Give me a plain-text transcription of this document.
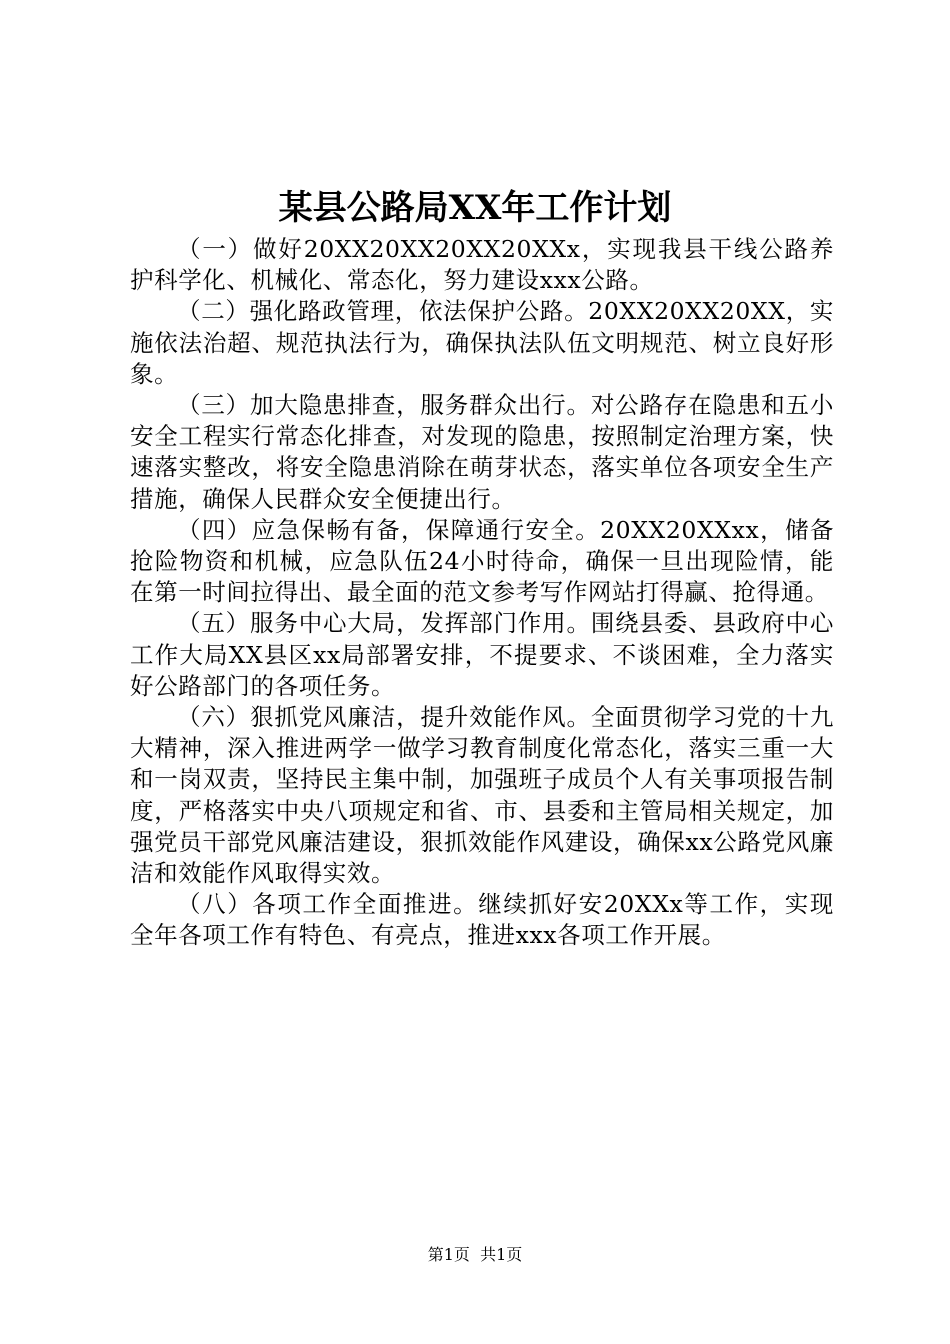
某县公路局XX年工作计划

（一）做好20XX20XX20XX20XXx，实现我县干线公路养护科学化、机械化、常态化，努力建设xxx公路。

（二）强化路政管理，依法保护公路。20XX20XX20XX，实施依法治超、规范执法行为，确保执法队伍文明规范、树立良好形象。

（三）加大隐患排查，服务群众出行。对公路存在隐患和五小安全工程实行常态化排查，对发现的隐患，按照制定治理方案，快速落实整改，将安全隐患消除在萌芽状态，落实单位各项安全生产措施，确保人民群众安全便捷出行。

（四）应急保畅有备，保障通行安全。20XX20XXxx，储备抢险物资和机械，应急队伍24小时待命，确保一旦出现险情，能在第一时间拉得出、最全面的范文参考写作网站打得赢、抢得通。

（五）服务中心大局，发挥部门作用。围绕县委、县政府中心工作大局XX县区xx局部署安排，不提要求、不谈困难，全力落实好公路部门的各项任务。

（六）狠抓党风廉洁，提升效能作风。全面贯彻学习党的十九大精神，深入推进两学一做学习教育制度化常态化，落实三重一大和一岗双责，坚持民主集中制，加强班子成员个人有关事项报告制度，严格落实中央八项规定和省、市、县委和主管局相关规定，加强党员干部党风廉洁建设，狠抓效能作风建设，确保xx公路党风廉洁和效能作风取得实效。

（八）各项工作全面推进。继续抓好安20XXx等工作，实现全年各项工作有特色、有亮点，推进xxx各项工作开展。

第1页 共1页
